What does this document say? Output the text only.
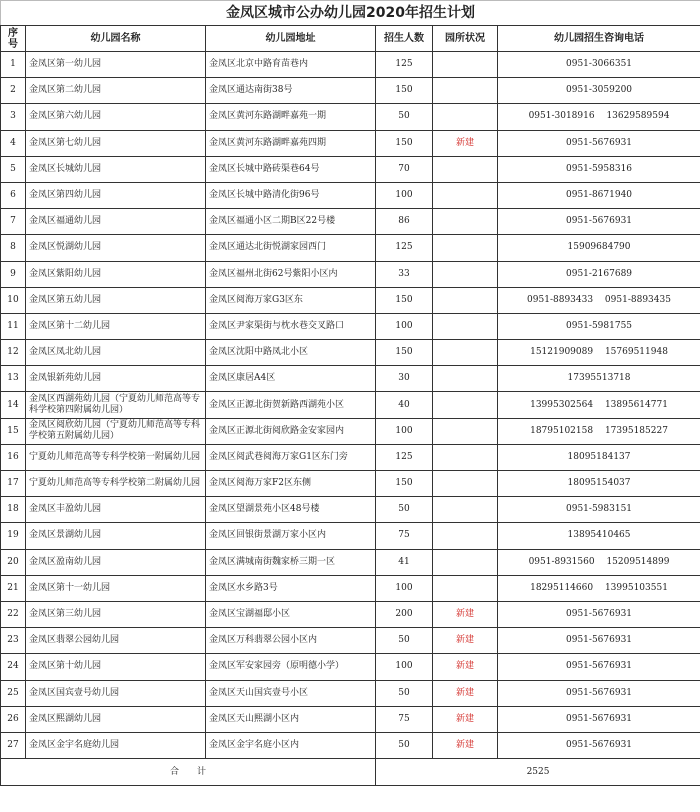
金凤区城市公办幼儿园2020年招生计划					
序号	幼儿园名称	幼儿园地址	招生人数	园所状况	幼儿园招生咨询电话
1	金凤区第一幼儿园	金凤区北京中路育苗巷内	125		0951-3066351
2	金凤区第二幼儿园	金凤区通达南街38号	150		0951-3059200
3	金凤区第六幼儿园	金凤区黄河东路湖畔嘉苑一期	50		0951-3018916　 13629589594
4	金凤区第七幼儿园	金凤区黄河东路湖畔嘉苑四期	150	新建	0951-5676931
5	金凤区长城幼儿园	金凤区长城中路砖渠巷64号	70		0951-5958316
6	金凤区第四幼儿园	金凤区长城中路清化街96号	100		0951-8671940
7	金凤区福通幼儿园	金凤区福通小区二期B区22号楼	86		0951-5676931
8	金凤区悦湖幼儿园	金凤区通达北街悦湖家园西门	125		15909684790
9	金凤区紫阳幼儿园	金凤区福州北街62号紫阳小区内	33		0951-2167689
10	金凤区第五幼儿园	金凤区阅海万家G3区东	150		0951-8893433　 0951-8893435
11	金凤区第十二幼儿园	金凤区尹家渠街与枕水巷交叉路口	100		0951-5981755
12	金凤区凤北幼儿园	金凤区沈阳中路凤北小区	150		15121909089　 15769511948
13	金凤银新苑幼儿园	金凤区康居A4区	30		17395513718
14	金凤区西湖苑幼儿园（宁夏幼儿师范高等专科学校第四附属幼儿园）	金凤区正源北街贺新路西湖苑小区	40		13995302564　 13895614771
15	金凤区阅欣幼儿园（宁夏幼儿师范高等专科学校第五附属幼儿园）	金凤区正源北街阅欣路金安家园内	100		18795102158　 17395185227
16	宁夏幼儿师范高等专科学校第一附属幼儿园	金凤区阅武巷阅海万家G1区东门旁	125		18095184137
17	宁夏幼儿师范高等专科学校第二附属幼儿园	金凤区阅海万家F2区东侧	150		18095154037
18	金凤区丰盈幼儿园	金凤区望湖景苑小区48号楼	50		0951-5983151
19	金凤区景湖幼儿园	金凤区回银街景湖万家小区内	75		13895410465
20	金凤区盈南幼儿园	金凤区满城南街魏家桥三期一区	41		0951-8931560　 15209514899
21	金凤区第十一幼儿园	金凤区水乡路3号	100		18295114660　 13995103551
22	金凤区第三幼儿园	金凤区宝湖福邸小区	200	新建	0951-5676931
23	金凤区翡翠公园幼儿园	金凤区万科翡翠公园小区内	50	新建	0951-5676931
24	金凤区第十幼儿园	金凤区军安家园旁（原明德小学）	100	新建	0951-5676931
25	金凤区国宾壹号幼儿园	金凤区天山国宾壹号小区	50	新建	0951-5676931
26	金凤区熙湖幼儿园	金凤区天山熙湖小区内	75	新建	0951-5676931
27	金凤区金宇名庭幼儿园	金凤区金宇名庭小区内	50	新建	0951-5676931
合　　计			2525		
